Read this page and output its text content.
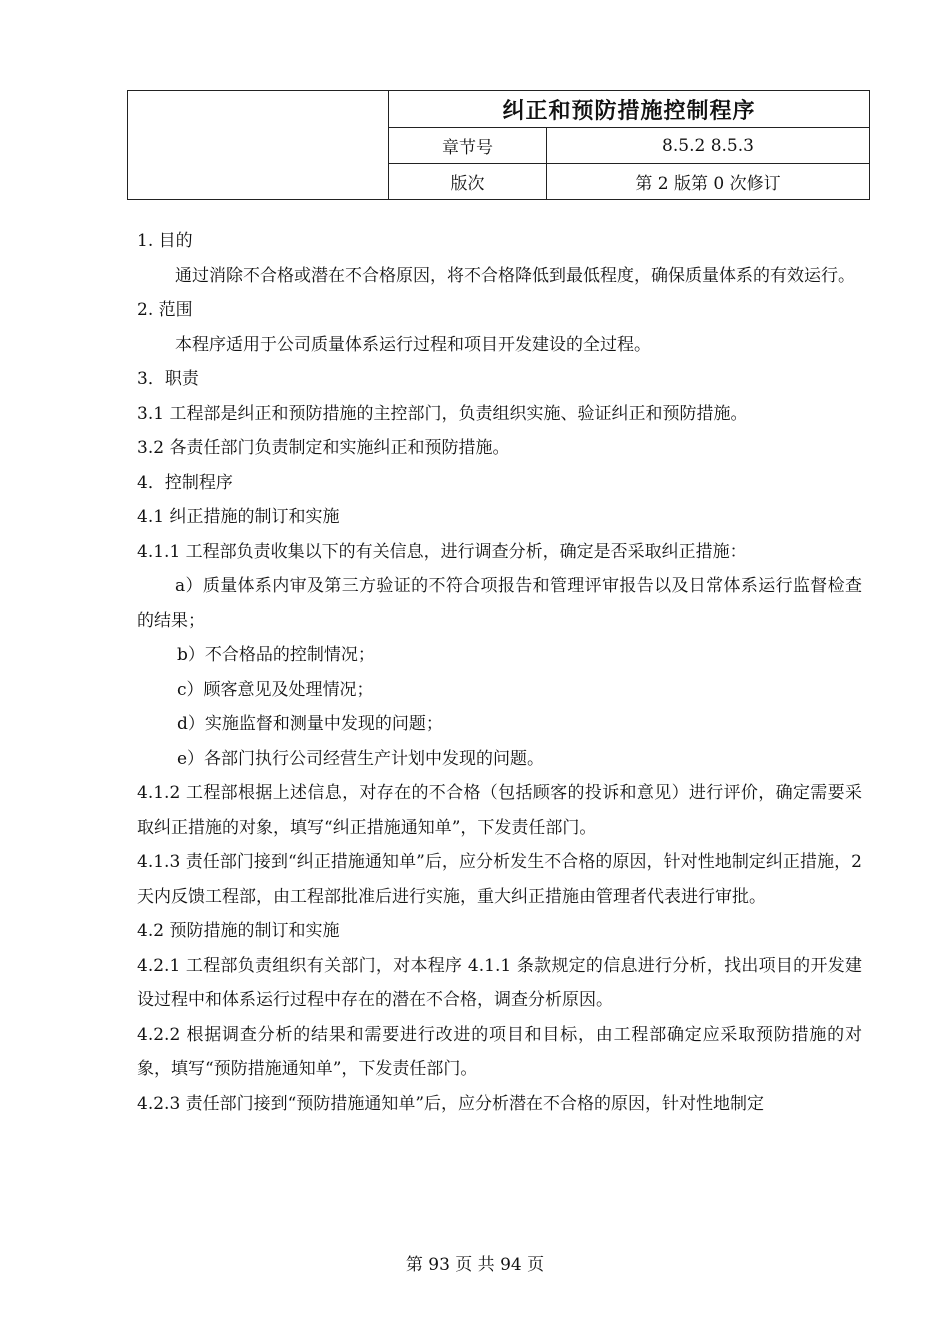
	纠正和预防措施控制程序	
	章节号	8.5.2 8.5.3
	版次	第 2 版第 0 次修订

1. 目的

通过消除不合格或潜在不合格原因，将不合格降低到最低程度，确保质量体系的有效运行。

2. 范围

本程序适用于公司质量体系运行过程和项目开发建设的全过程。

3．职责

3.1 工程部是纠正和预防措施的主控部门，负责组织实施、验证纠正和预防措施。

3.2 各责任部门负责制定和实施纠正和预防措施。

4．控制程序

4.1 纠正措施的制订和实施

4.1.1 工程部负责收集以下的有关信息，进行调查分析，确定是否采取纠正措施：

a）质量体系内审及第三方验证的不符合项报告和管理评审报告以及日常体系运行监督检查的结果；

b）不合格品的控制情况；

c）顾客意见及处理情况；

d）实施监督和测量中发现的问题；

e）各部门执行公司经营生产计划中发现的问题。

4.1.2 工程部根据上述信息，对存在的不合格（包括顾客的投诉和意见）进行评价，确定需要采取纠正措施的对象，填写“纠正措施通知单”，下发责任部门。

4.1.3 责任部门接到“纠正措施通知单”后，应分析发生不合格的原因，针对性地制定纠正措施，2 天内反馈工程部，由工程部批准后进行实施，重大纠正措施由管理者代表进行审批。

4.2 预防措施的制订和实施

4.2.1 工程部负责组织有关部门，对本程序 4.1.1 条款规定的信息进行分析，找出项目的开发建设过程中和体系运行过程中存在的潜在不合格，调查分析原因。

4.2.2 根据调查分析的结果和需要进行改进的项目和目标，由工程部确定应采取预防措施的对象，填写“预防措施通知单”，下发责任部门。

4.2.3 责任部门接到“预防措施通知单”后，应分析潜在不合格的原因，针对性地制定

第 93 页 共 94 页
